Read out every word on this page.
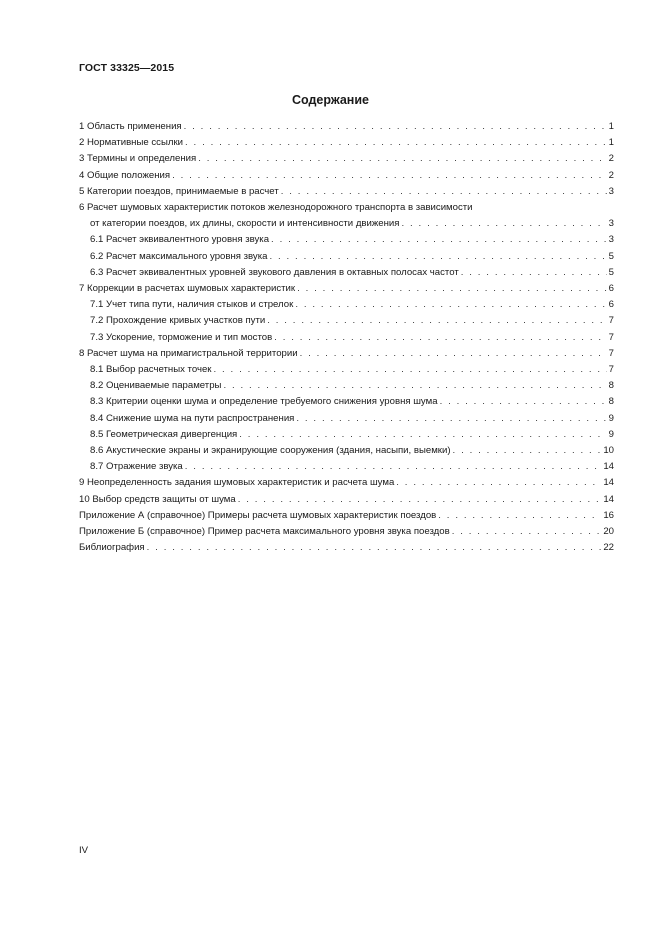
ГОСТ 33325—2015
Содержание
1 Область применения . . .	1
2 Нормативные ссылки . . .	1
3 Термины и определения . . .	2
4 Общие положения . . .	2
5 Категории поездов, принимаемые в расчет . . .	3
6 Расчет шумовых характеристик потоков железнодорожного транспорта в зависимости
от категории поездов, их длины, скорости и интенсивности движения . . .	3
6.1 Расчет эквивалентного уровня звука . . .	3
6.2 Расчет максимального уровня звука . . .	5
6.3 Расчет эквивалентных уровней звукового давления в октавных полосах частот . . .	5
7 Коррекции в расчетах шумовых характеристик . . .	6
7.1 Учет типа пути, наличия стыков и стрелок . . .	6
7.2 Прохождение кривых участков пути . . .	7
7.3 Ускорение, торможение и тип мостов . . .	7
8 Расчет шума на примагистральной территории . . .	7
8.1 Выбор расчетных точек . . .	7
8.2 Оцениваемые параметры . . .	8
8.3 Критерии оценки шума и определение требуемого снижения уровня шума . . .	8
8.4 Снижение шума на пути распространения . . .	9
8.5 Геометрическая дивергенция . . .	9
8.6 Акустические экраны и экранирующие сооружения (здания, насыпи, выемки) . . .	10
8.7 Отражение звука . . .	14
9 Неопределенность задания шумовых характеристик и расчета шума . . .	14
10 Выбор средств защиты от шума . . .	14
Приложение А (справочное) Примеры расчета шумовых характеристик поездов . . .	16
Приложение Б (справочное) Пример расчета максимального уровня звука поездов . . .	20
Библиография . . .	22
IV
